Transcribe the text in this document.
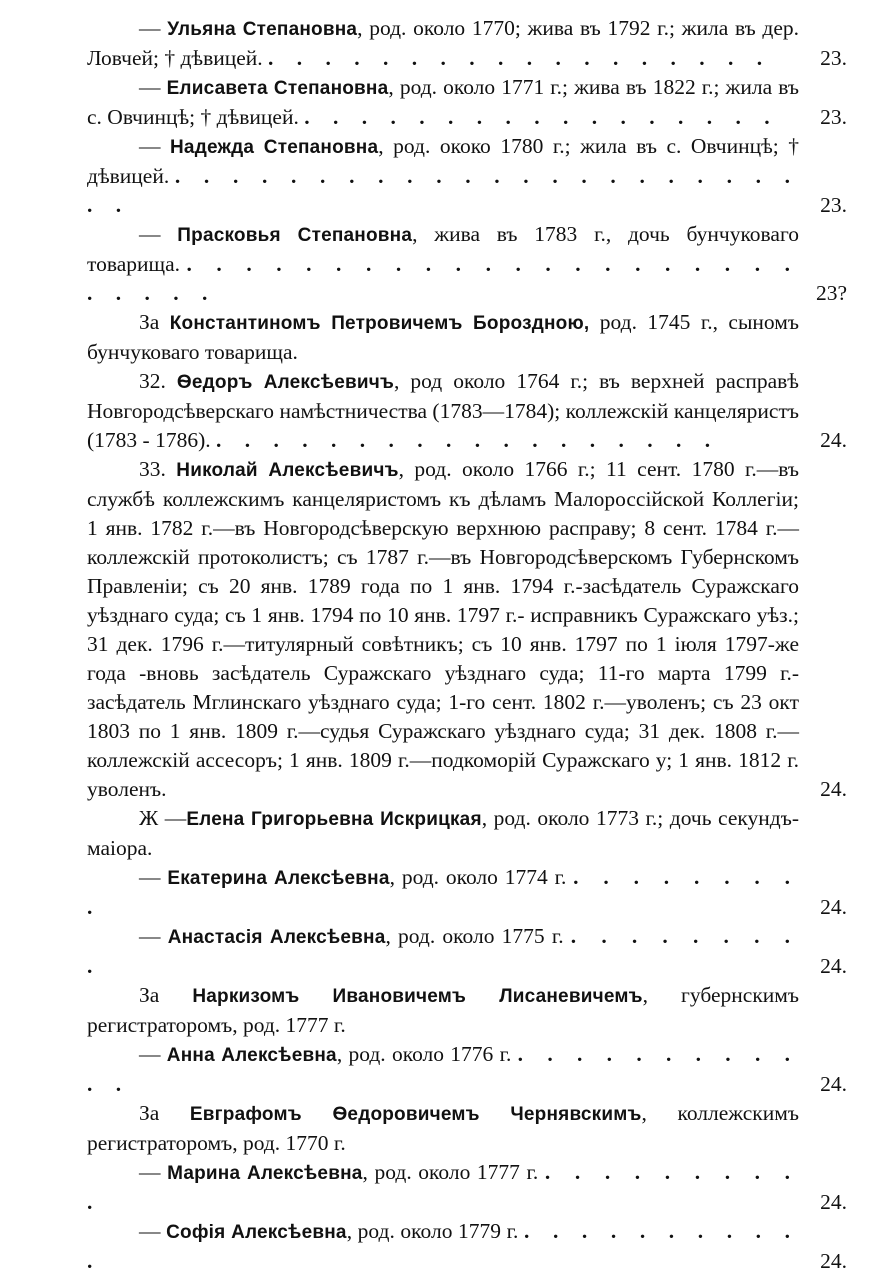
— Ульяна Степановна, род. около 1770; жива въ 1792 г.; жила въ дер. Ловчей; † дѣвицей. . . . . . . . . . . . . . . . . . .	23.
— Елисавета Степановна, род. около 1771 г.; жива въ 1822 г.; жила въ с. Овчинцѣ; † дѣвицей. . . . . . . . . . . . . . . . . .	23.
— Надежда Степановна, род. ококо 1780 г.; жила въ с. Овчинцѣ; † дѣвицей. . . . . . . . . . . . . . . . . . . . . . . . .	23.
— Прасковья Степановна, жива въ 1783 г., дочь бунчуковаго товарища. . . . . . . . . . . . . . . . . . . . . . . . . . .	23?
За Константиномъ Петровичемъ Бороздною, род. 1745 г., сыномъ бунчуковаго товарища.
32. Ѳедоръ Алексѣевичъ, род около 1764 г.; въ верхней расправѣ Новгородсѣверскаго намѣстничества (1783—1784); коллежскій канцеляристъ (1783 - 1786). . . . . . . . . . . . . . . . . . .	24.
33. Николай Алексѣевичъ, род. около 1766 г.; 11 сент. 1780 г.—въ службѣ коллежскимъ канцеляристомъ къ дѣламъ Малороссійской Коллегіи; 1 янв. 1782 г.—въ Новгородсѣверскую верхнюю расправу; 8 сент. 1784 г.—коллежскій протоколистъ; съ 1787 г.—въ Новгородсѣверскомъ Губернскомъ Правленіи; съ 20 янв. 1789 года по 1 янв. 1794 г.-засѣдатель Суражскаго уѣзднаго суда; съ 1 янв. 1794 по 10 янв. 1797 г.- исправникъ Суражскаго уѣз.; 31 дек. 1796 г.—титулярный совѣтникъ; съ 10 янв. 1797 по 1 іюля 1797-же года -вновь засѣдатель Суражскаго уѣзднаго суда; 11-го марта 1799 г.-засѣдатель Мглинскаго уѣзднаго суда; 1-го сент. 1802 г.—уволенъ; съ 23 окт 1803 по 1 янв. 1809 г.—судья Суражскаго уѣзднаго суда; 31 дек. 1808 г.—коллежскій ассесоръ; 1 янв. 1809 г.—подкоморій Суражскаго у; 1 янв. 1812 г. уволенъ.	24.
Ж —Елена Григорьевна Искрицкая, род. около 1773 г.; дочь секундъ-маіора.
— Екатерина Алексѣевна, род. около 1774 г. . . . . . . . . .	24.
— Анастасія Алексѣевна, род. около 1775 г. . . . . . . . . .	24.
За Наркизомъ Ивановичемъ Лисаневичемъ, губернскимъ регистраторомъ, род. 1777 г.
— Анна Алексѣевна, род. около 1776 г. . . . . . . . . . . . .	24.
За Евграфомъ Ѳедоровичемъ Чернявскимъ, коллежскимъ регистраторомъ, род. 1770 г.
— Марина Алексѣевна, род. около 1777 г. . . . . . . . . . .	24.
— Софія Алексѣевна, род. около 1779 г. . . . . . . . . . . .	24.
